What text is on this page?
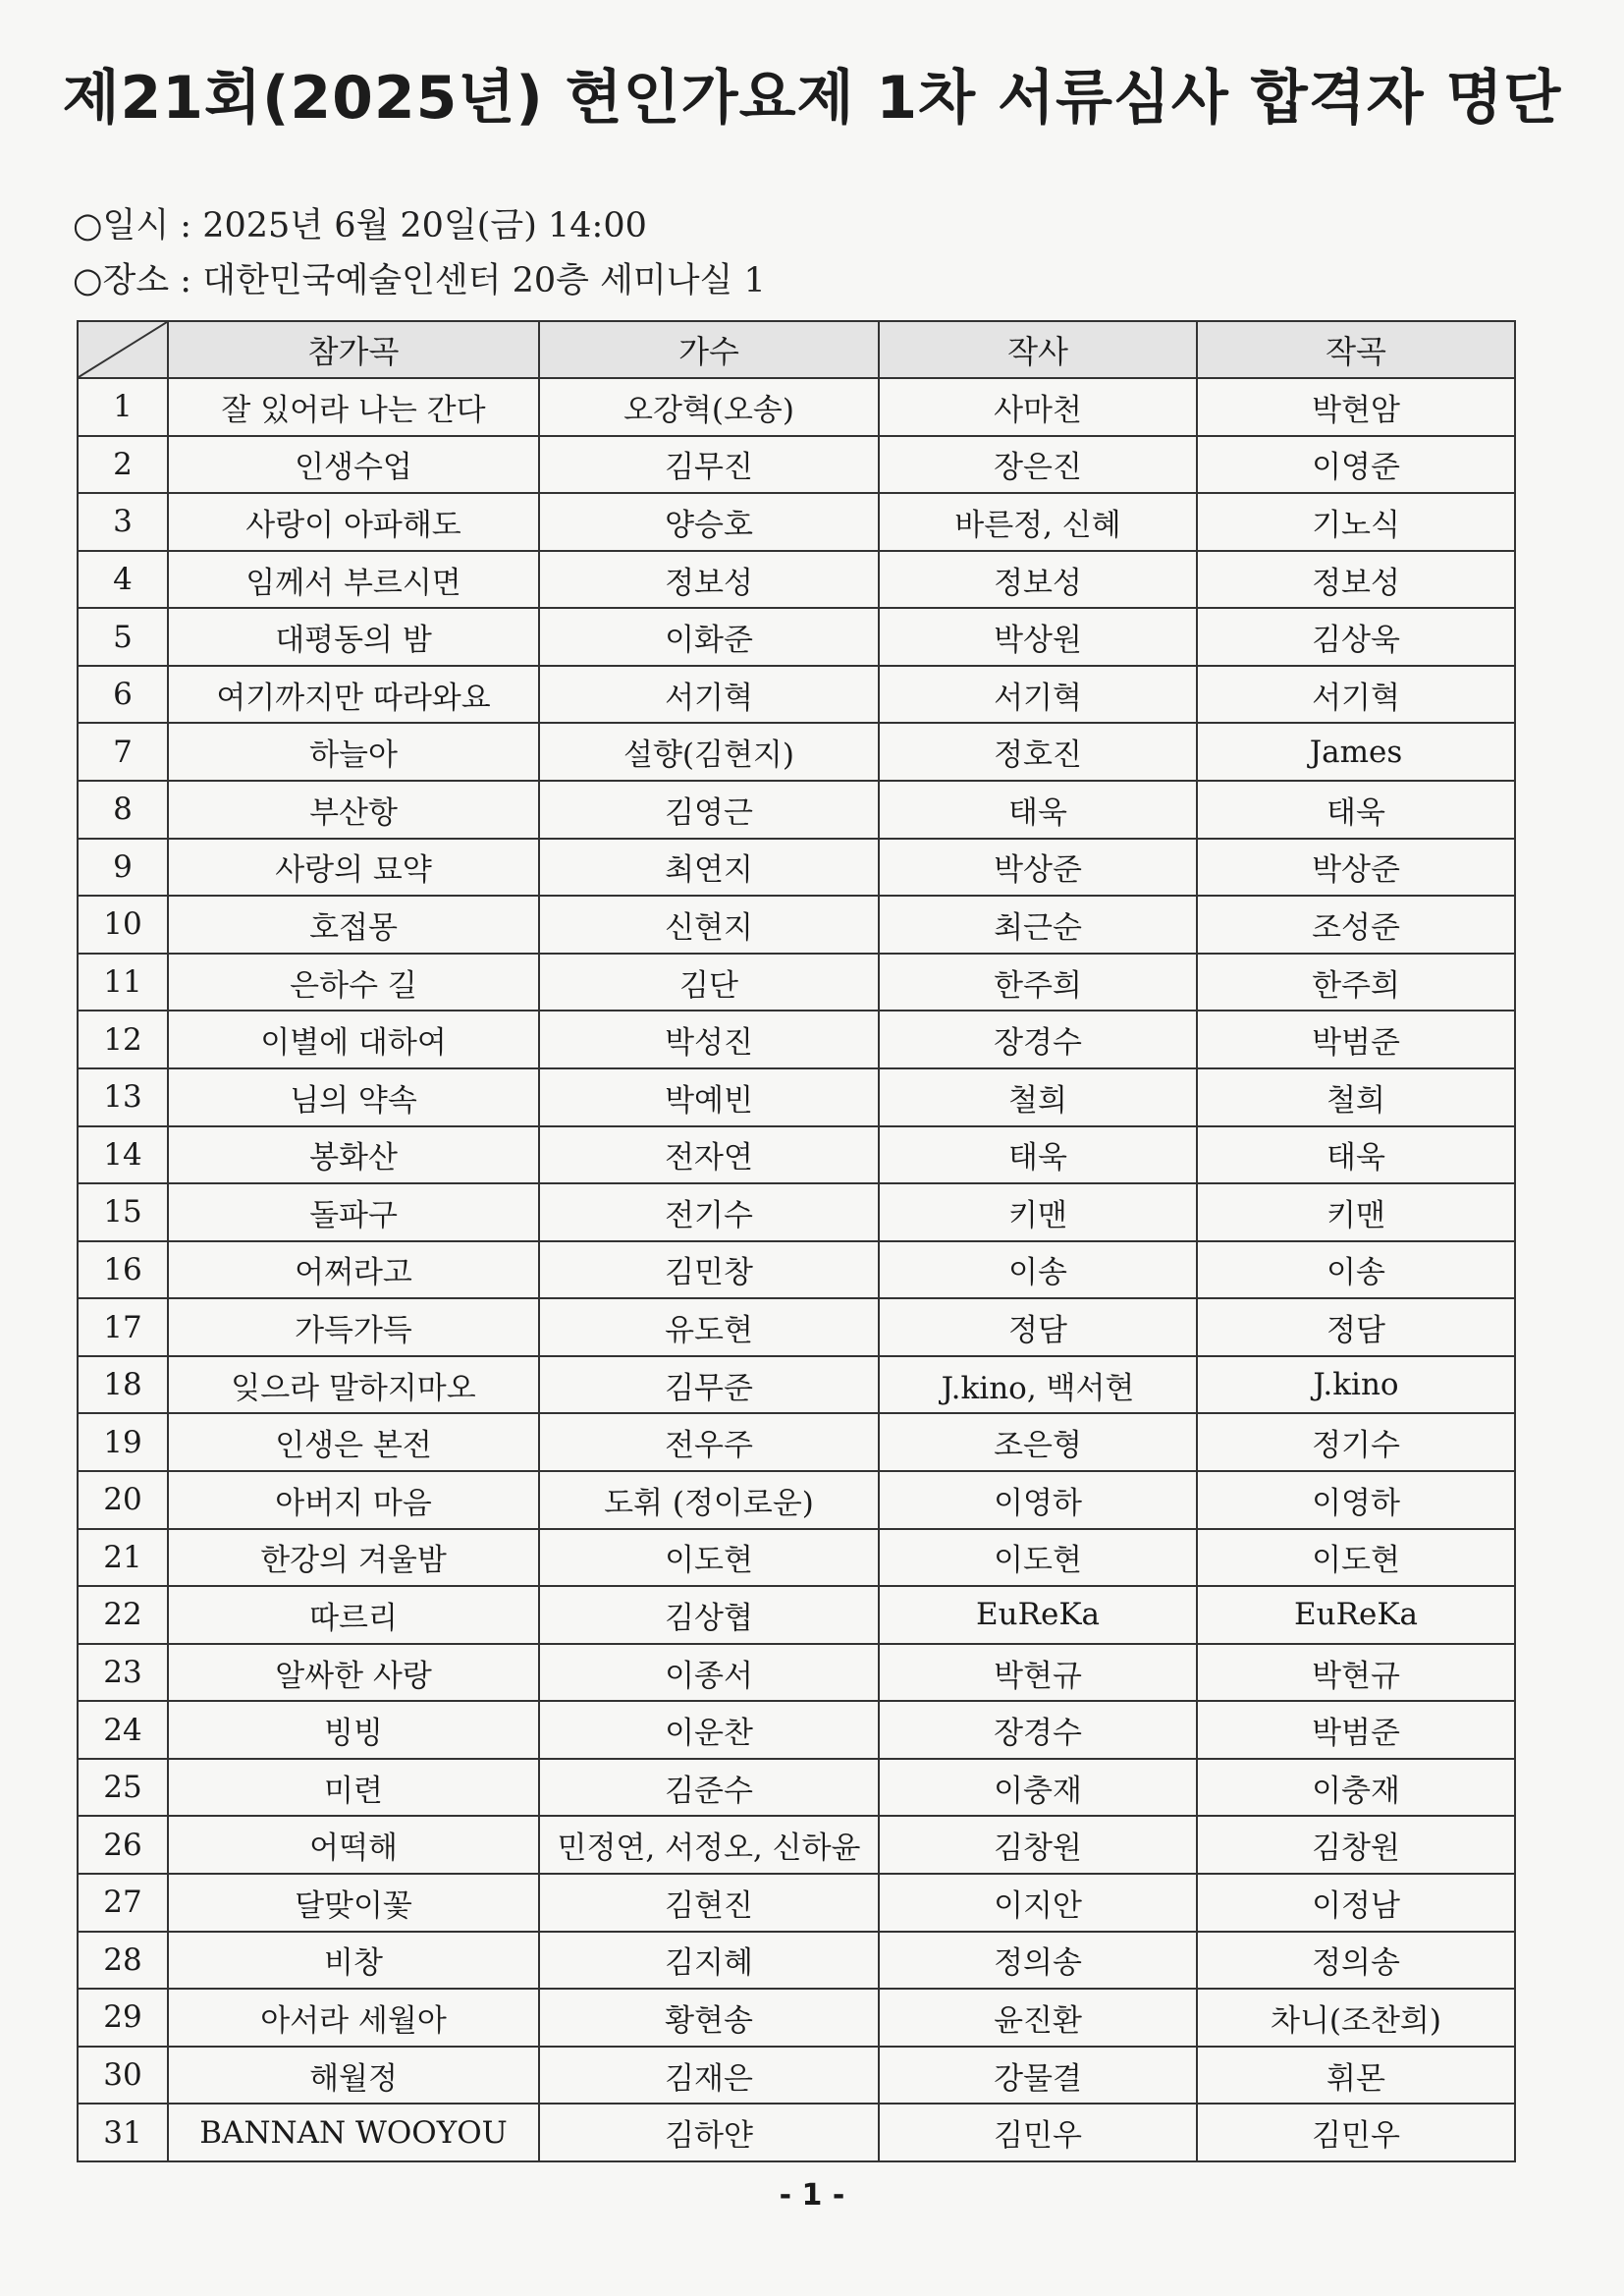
제21회(2025년) 현인가요제 1차 서류심사 합격자 명단
○일시 : 2025년 6월 20일(금) 14:00
○장소 : 대한민국예술인센터 20층 세미나실 1
	참가곡	가수	작사	작곡
1	잘 있어라 나는 간다	오강혁(오송)	사마천	박현암
2	인생수업	김무진	장은진	이영준
3	사랑이 아파해도	양승호	바른정, 신혜	기노식
4	임께서 부르시면	정보성	정보성	정보성
5	대평동의 밤	이화준	박상원	김상욱
6	여기까지만 따라와요	서기혁	서기혁	서기혁
7	하늘아	설향(김현지)	정호진	James
8	부산항	김영근	태욱	태욱
9	사랑의 묘약	최연지	박상준	박상준
10	호접몽	신현지	최근순	조성준
11	은하수 길	김단	한주희	한주희
12	이별에 대하여	박성진	장경수	박범준
13	님의 약속	박예빈	철희	철희
14	봉화산	전자연	태욱	태욱
15	돌파구	전기수	키맨	키맨
16	어쩌라고	김민창	이송	이송
17	가득가득	유도현	정담	정담
18	잊으라 말하지마오	김무준	J.kino, 백서현	J.kino
19	인생은 본전	전우주	조은형	정기수
20	아버지 마음	도휘 (정이로운)	이영하	이영하
21	한강의 겨울밤	이도현	이도현	이도현
22	따르리	김상협	EuReKa	EuReKa
23	알싸한 사랑	이종서	박현규	박현규
24	빙빙	이운찬	장경수	박범준
25	미련	김준수	이충재	이충재
26	어떡해	민정연, 서정오, 신하윤	김창원	김창원
27	달맞이꽃	김현진	이지안	이정남
28	비창	김지혜	정의송	정의송
29	아서라 세월아	황현송	윤진환	차니(조찬희)
30	해월정	김재은	강물결	휘몬
31	BANNAN WOOYOU	김하얀	김민우	김민우
- 1 -
